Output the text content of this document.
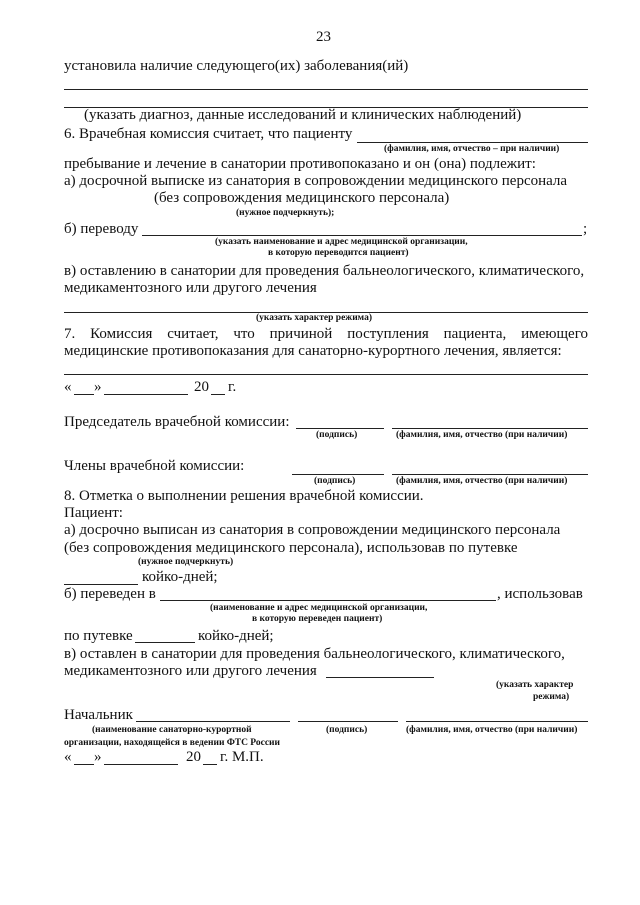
23
установила наличие следующего(их) заболевания(ий)
(указать диагноз, данные исследований и клинических наблюдений)
6. Врачебная комиссия считает, что пациенту
(фамилия, имя, отчество – при наличии)
пребывание и лечение в санатории противопоказано и он (она) подлежит:
а) досрочной выписке из санатория в сопровождении медицинского персонала
(без сопровождения медицинского персонала)
(нужное подчеркнуть);
б) переводу	;
(указать наименование и адрес медицинской организации,
в которую переводится пациент)
в) оставлению в санатории для проведения бальнеологического, климатического,
медикаментозного или другого лечения
(указать характер режима)
7. Комиссия считает, что причиной поступления пациента, имеющего
медицинские противопоказания для санаторно-курортного лечения, является:
« »	20 г.
Председатель врачебной комиссии:
(подпись)	(фамилия, имя, отчество (при наличии)
Члены врачебной комиссии:
(подпись)	(фамилия, имя, отчество (при наличии)
8. Отметка о выполнении решения врачебной комиссии.
Пациент:
а) досрочно выписан из санатория в сопровождении медицинского персонала
(без сопровождения медицинского персонала), использовав по путевке
(нужное подчеркнуть)
койко-дней;
б) переведен в	, использовав
(наименование и адрес медицинской организации,
в которую переведен пациент)
по путевке	койко-дней;
в) оставлен в санатории для проведения бальнеологического, климатического,
медикаментозного или другого лечения
(указать характер
режима)
Начальник
(наименование санаторно-курортной
организации, находящейся в ведении ФТС России
(подпись)	(фамилия, имя, отчество (при наличии)
« »	20 г. М.П.
